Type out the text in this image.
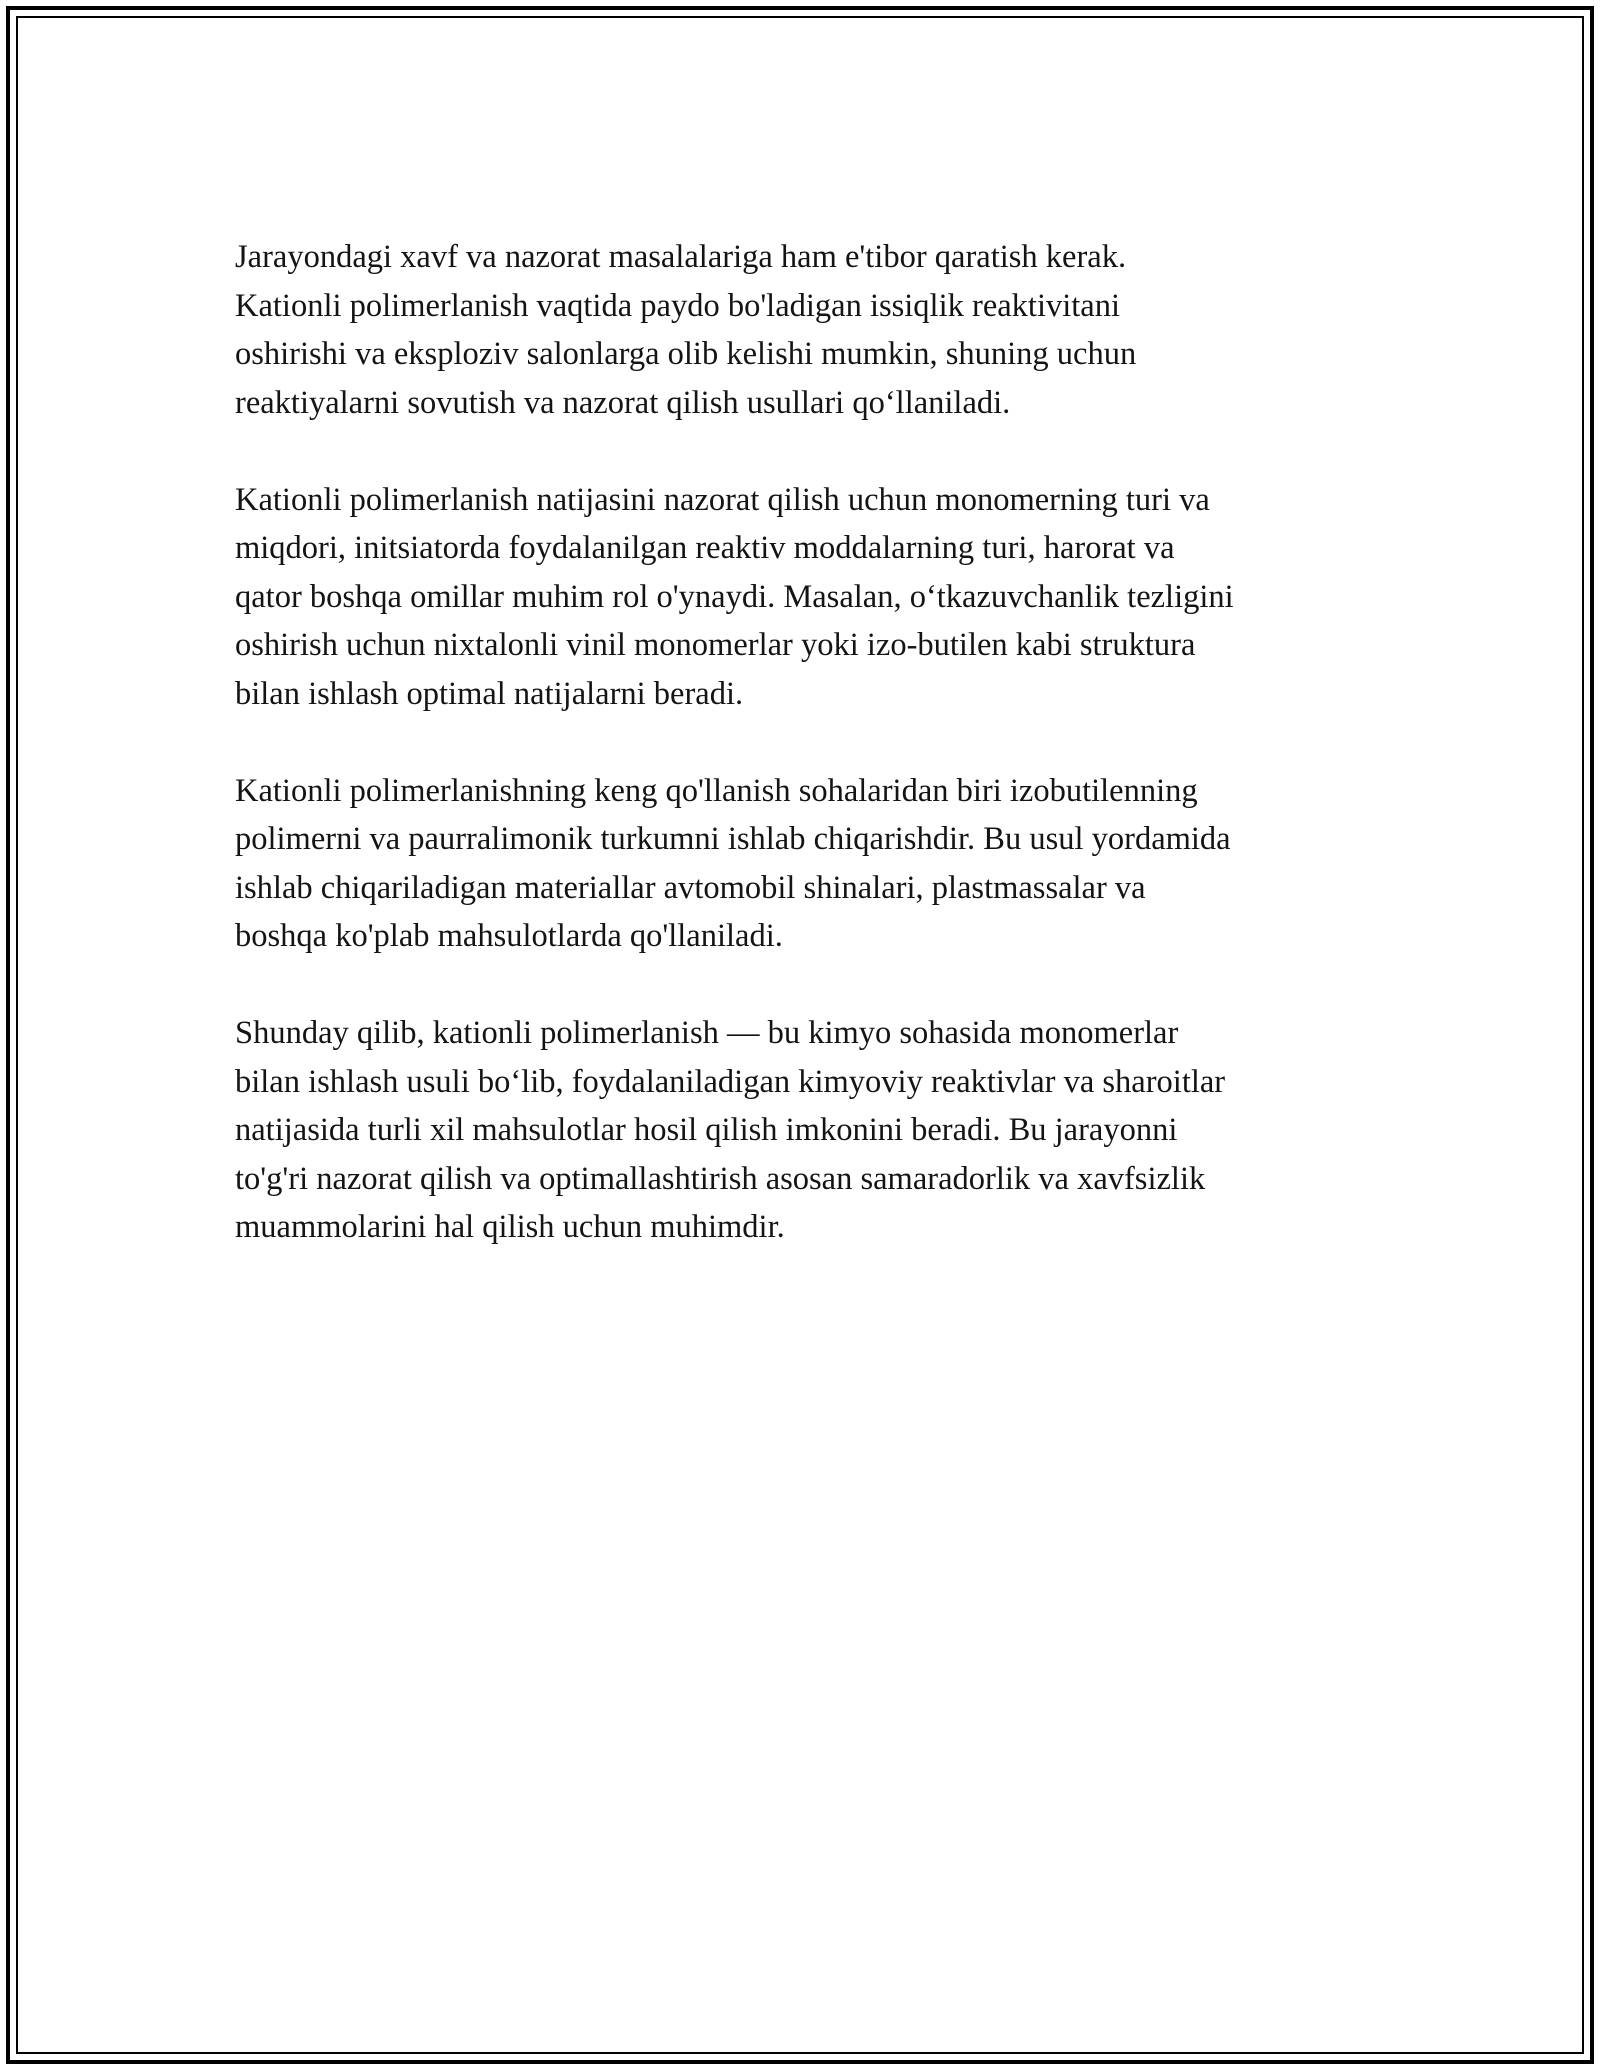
Jarayondagi xavf va nazorat masalalariga ham e'tibor qaratish kerak.
Kationli polimerlanish vaqtida paydo bo'ladigan issiqlik reaktivitani
oshirishi va eksploziv salonlarga olib kelishi mumkin, shuning uchun
reaktiyalarni sovutish va nazorat qilish usullari qo‘llaniladi.

Kationli polimerlanish natijasini nazorat qilish uchun monomerning turi va
miqdori, initsiatorda foydalanilgan reaktiv moddalarning turi, harorat va
qator boshqa omillar muhim rol o'ynaydi. Masalan, o‘tkazuvchanlik tezligini
oshirish uchun nixtalonli vinil monomerlar yoki izo-butilen kabi struktura
bilan ishlash optimal natijalarni beradi.

Kationli polimerlanishning keng qo'llanish sohalaridan biri izobutilenning
polimerni va paurralimonik turkumni ishlab chiqarishdir. Bu usul yordamida
ishlab chiqariladigan materiallar avtomobil shinalari, plastmassalar va
boshqa ko'plab mahsulotlarda qo'llaniladi.

Shunday qilib, kationli polimerlanish — bu kimyo sohasida monomerlar
bilan ishlash usuli bo‘lib, foydalaniladigan kimyoviy reaktivlar va sharoitlar
natijasida turli xil mahsulotlar hosil qilish imkonini beradi. Bu jarayonni
to'g'ri nazorat qilish va optimallashtirish asosan samaradorlik va xavfsizlik
muammolarini hal qilish uchun muhimdir.
